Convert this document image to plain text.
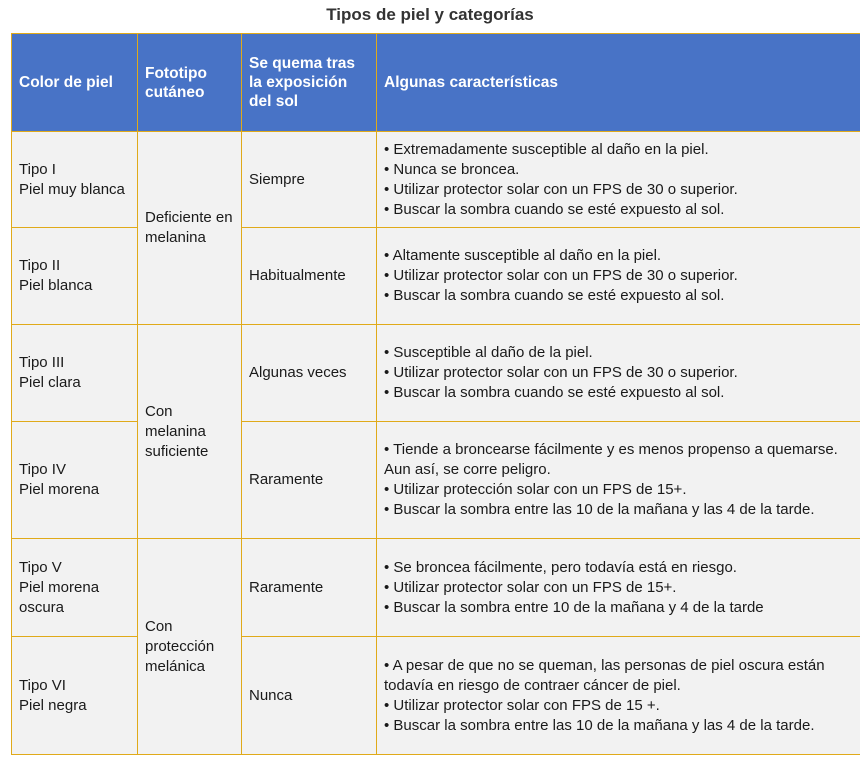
Tipos de piel y categorías
Color de piel	Fototipo cutáneo	Se quema tras la exposición del sol	Algunas características

Tipo I
Piel muy blanca	Deficiente en melanina	Siempre	• Extremadamente susceptible al daño en la piel.
• Nunca se broncea.
• Utilizar protector solar con un FPS de 30 o superior.
• Buscar la sombra cuando se esté expuesto al sol.

Tipo II
Piel blanca		Habitualmente	• Altamente susceptible al daño en la piel.
• Utilizar protector solar con un FPS de 30 o superior.
• Buscar la sombra cuando se esté expuesto al sol.

Tipo III
Piel clara	Con melanina suficiente	Algunas veces	• Susceptible al daño de la piel.
• Utilizar protector solar con un FPS de 30 o superior.
• Buscar la sombra cuando se esté expuesto al sol.

Tipo IV
Piel morena		Raramente	• Tiende a broncearse fácilmente y es menos propenso a quemarse. Aun así, se corre peligro.
• Utilizar protección solar con un FPS de 15+.
• Buscar la sombra entre las 10 de la mañana y las 4 de la tarde.

Tipo V
Piel morena oscura	Con protección melánica	Raramente	• Se broncea fácilmente, pero todavía está en riesgo.
• Utilizar protector solar con un FPS de 15+.
• Buscar la sombra entre 10 de la mañana y 4 de la tarde

Tipo VI
Piel negra		Nunca	• A pesar de que no se queman, las personas de piel oscura están todavía en riesgo de contraer cáncer de piel.
• Utilizar protector solar con FPS de 15 +.
• Buscar la sombra entre las 10 de la mañana y las 4 de la tarde.
